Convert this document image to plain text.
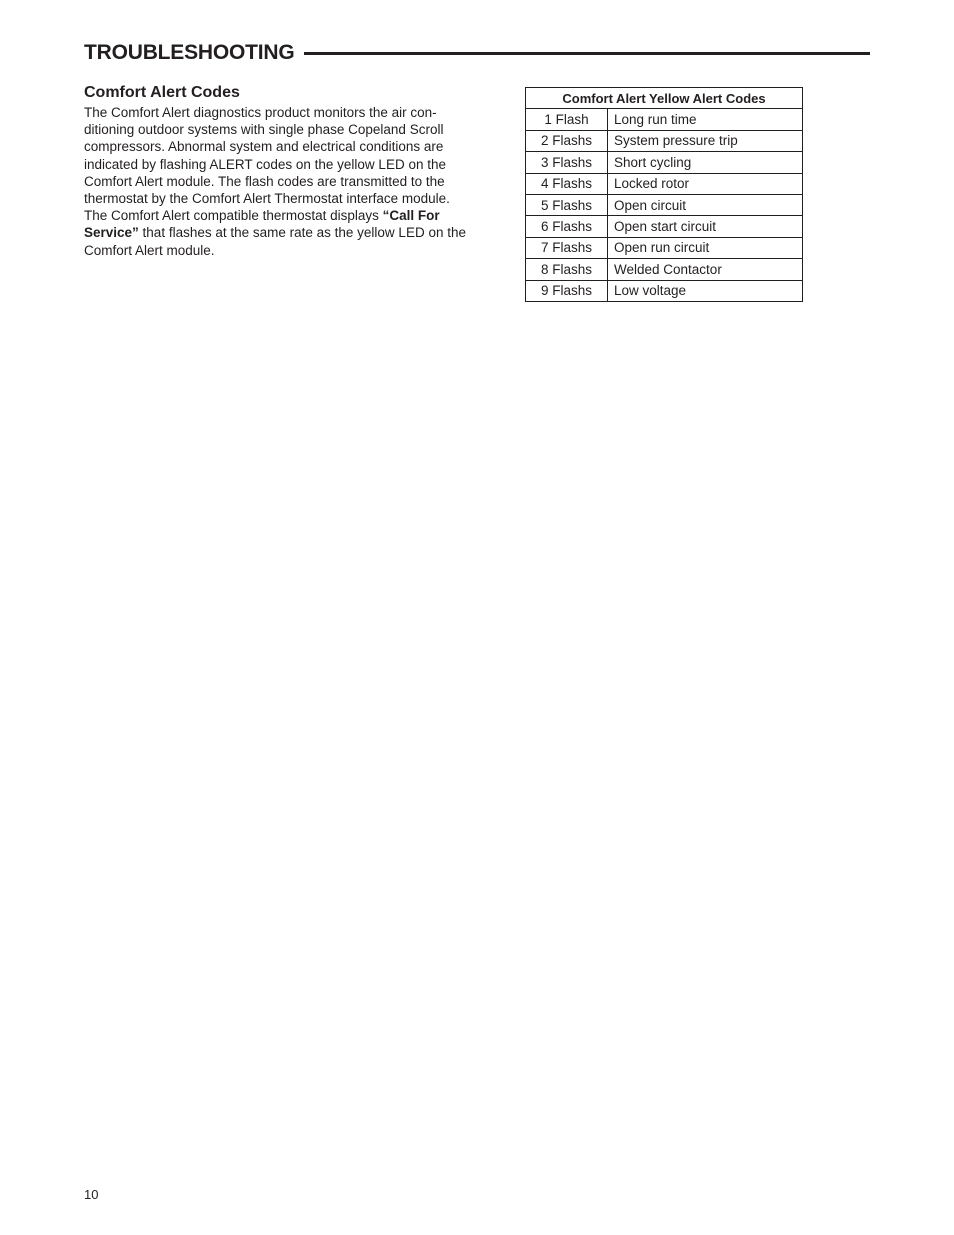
TROUBLESHOOTING
Comfort Alert Codes

The Comfort Alert diagnostics product monitors the air con-ditioning outdoor systems with single phase Copeland Scroll compressors. Abnormal system and electrical conditions are indicated by flashing ALERT codes on the yellow LED on the Comfort Alert module. The flash codes are transmitted to the thermostat by the Comfort Alert Thermostat interface module. The Comfort Alert compatible thermostat displays “Call For Service” that flashes at the same rate as the yellow LED on the Comfort Alert module.

Comfort Alert Yellow Alert Codes	
1 Flash	Long run time
2 Flashs	System pressure trip
3 Flashs	Short cycling
4 Flashs	Locked rotor
5 Flashs	Open circuit
6 Flashs	Open start circuit
7 Flashs	Open run circuit
8 Flashs	Welded Contactor
9 Flashs	Low voltage
10
